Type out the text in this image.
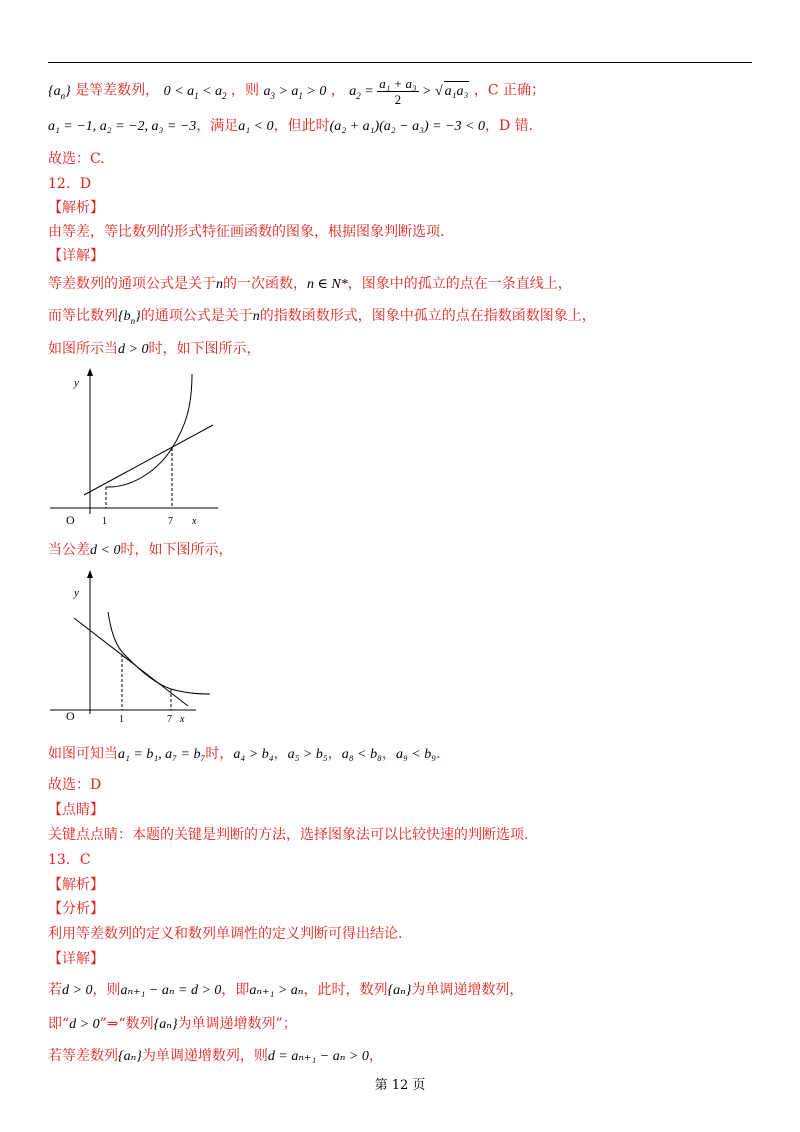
$\{a_n\}$ 是等差数列， $0 < a_1 < a_2$ ，则 $a_3 > a_1 > 0$ ， $a_2 = \frac{\text{a₁ + a₃}}{2}$ > √ a₁a₃ ，C 正确；
a₁ = −1, a₂ = −2, a₃ = −3，满足a₁ < 0，但此时(a₂ + a₁)(a₂ − a₃) = −3 < 0，D 错.
故选：C.
12．D
【解析】
由等差，等比数列的形式特征画函数的图象，根据图象判断选项.
【详解】
等差数列的通项公式是关于n的一次函数，n ∈ N*，图象中的孤立的点在一条直线上，
而等比数列$\{b_n\}$的通项公式是关于n的指数函数形式，图象中孤立的点在指数函数图象上，
如图所示当d > 0时，如下图所示，
y
O	1	7 x
当公差d < 0时，如下图所示，
y
O	1	7 x
如图可知当a₁ = b₁, a₇ = b₇时，a₄ > b₄，a₅ > b₅，a₈ < b₈，a₉ < b₉.
故选：D
【点睛】
关键点点睛：本题的关键是判断的方法，选择图象法可以比较快速的判断选项.
13．C
【解析】
【分析】
利用等差数列的定义和数列单调性的定义判断可得出结论.
【详解】
若d > 0，则aₙ₊₁ − aₙ = d > 0，即aₙ₊₁ > aₙ，此时，数列{aₙ}为单调递增数列，
即“d > 0”⇒“数列{aₙ}为单调递增数列”；
若等差数列{aₙ}为单调递增数列，则d = aₙ₊₁ − aₙ > 0，
第 12 页
